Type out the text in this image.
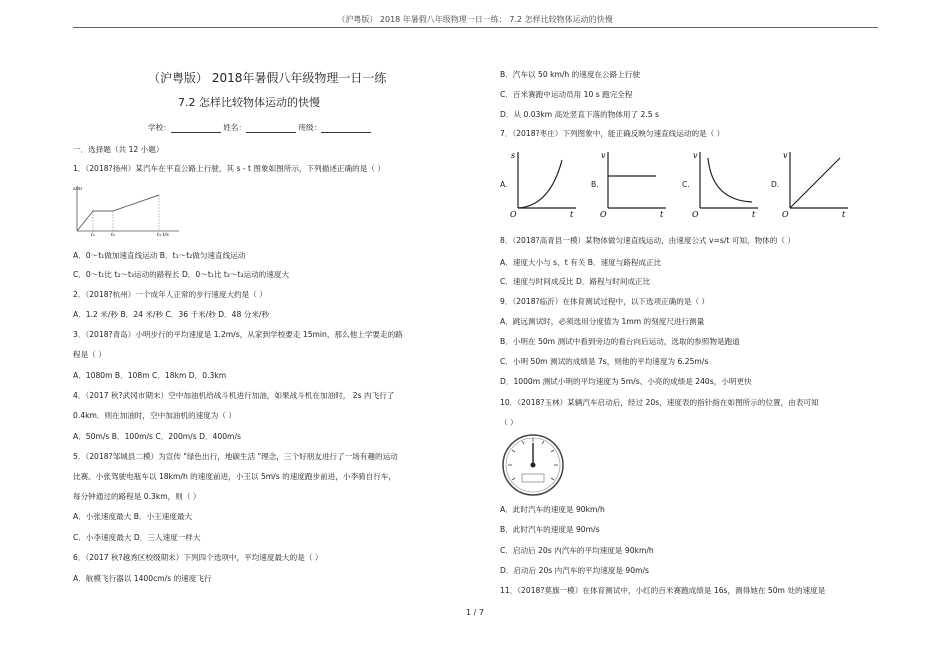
（沪粤版） 2018 年暑假八年级物理一日一练： 7.2 怎样比较物体运动的快慢
（沪粤版） 2018年暑假八年级物理一日一练
7.2 怎样比较物体运动的快慢
学校：	姓名：	班级：
一．选择题（共 12 小题）
1．（2018?扬州）某汽车在平直公路上行驶，其 s - t 图象如图所示，下列描述正确的是（ ）
s/m
t₁	t₂	t₃ t/s
A．0～t₁做加速直线运动 B．t₁～t₂做匀速直线运动
C．0～t₁比 t₂～t₃运动的路程长 D．0～t₁比 t₂～t₃运动的速度大
2．（2018?杭州）一个成年人正常的步行速度大约是（ ）
A．1.2 米/秒 B．24 米/秒 C．36 千米/秒 D．48 分米/秒
3．（2018?青岛）小明步行的平均速度是 1.2m/s，从家到学校要走 15min，那么他上学要走的路
程是（ ）
A．1080m B．108m C．18km D．0.3km
4．（2017 秋?武冈市期末）空中加油机给战斗机进行加油，如果战斗机在加油时， 2s 内飞行了
0.4km．则在加油时，空中加油机的速度为（ ）
A．50m/s B．100m/s C．200m/s D．400m/s
5．（2018?邹城县二模）为宣传 "绿色出行，地碳生活 "理念，三个好朋友进行了一场有趣的运动
比赛。小张驾驶电瓶车以 18km/h 的速度前进，小王以 5m/s 的速度跑步前进，小李骑自行车，
每分钟通过的路程是 0.3km，则（ ）
A．小张速度最大 B．小王速度最大
C．小李速度最大 D．三人速度一样大
6．（2017 秋?越秀区校级期末）下列四个选项中，平均速度最大的是（ ）
A．航模飞行器以 1400cm/s 的速度飞行
B．汽车以 50 km/h 的速度在公路上行驶
C．百米赛跑中运动员用 10 s 跑完全程
D．从 0.03km 高处竖直下落的物体用了 2.5 s
7．（2018?枣庄）下列图象中，能正确反映匀速直线运动的是（ ）
A.
s
t
O
B.
v
t
O
C.
v
t
O
D.
v
t
O
8．（2018?高青县一模）某物体做匀速直线运动，由速度公式 v=s/t 可知，物体的（ ）
A．速度大小与 s、t 有关 B．速度与路程成正比
C．速度与时间成反比 D．路程与时间成正比
9．（2018?临沂）在体育测试过程中，以下选项正确的是（ ）
A．跳远测试时，必须选用分度值为 1mm 的刻度尺进行测量
B．小明在 50m 测试中看到旁边的看台向后运动，选取的参照物是跑道
C．小明 50m 测试的成绩是 7s，则他的平均速度为 6.25m/s
D．1000m 测试小明的平均速度为 5m/s、小亮的成绩是 240s，小明更快
10．（2018?玉林）某辆汽车启动后，经过 20s，速度表的指针指在如图所示的位置，由表可知
（ ）
A．此时汽车的速度是 90km/h
B．此时汽车的速度是 90m/s
C．启动后 20s 内汽车的平均速度是 90km/h
D．启动后 20s 内汽车的平均速度是 90m/s
11．（2018?莫旗一模）在体育测试中，小红的百米赛跑成绩是 16s，测得她在 50m 处的速度是
1 / 7
